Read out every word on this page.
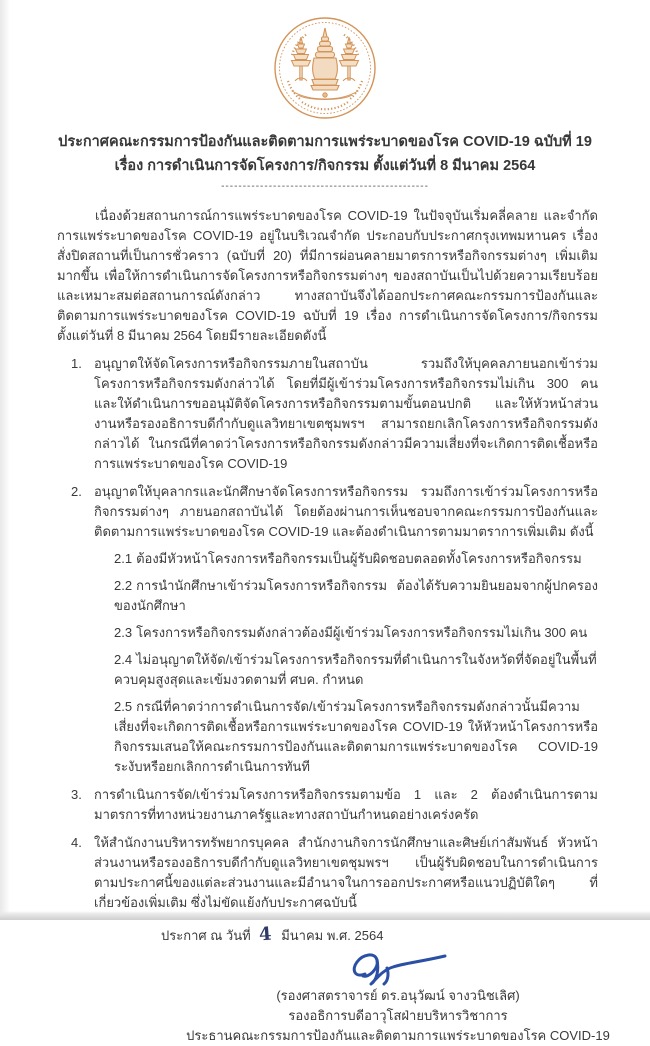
ประกาศคณะกรรมการป้องกันและติดตามการแพร่ระบาดของโรค COVID-19 ฉบับที่ 19
เรื่อง การดำเนินการจัดโครงการ/กิจกรรม ตั้งแต่วันที่ 8 มีนาคม 2564
------------------------------------------------

เนื่องด้วยสถานการณ์การแพร่ระบาดของโรค COVID-19 ในปัจจุบันเริ่มคลี่คลาย และจำกัดการแพร่ระบาดของโรค COVID-19 อยู่ในบริเวณจำกัด ประกอบกับประกาศกรุงเทพมหานคร เรื่อง สั่งปิดสถานที่เป็นการชั่วคราว (ฉบับที่ 20) ที่มีการผ่อนคลายมาตรการหรือกิจกรรมต่างๆ เพิ่มเติมมากขึ้น เพื่อให้การดำเนินการจัดโครงการหรือกิจกรรมต่างๆ ของสถาบันเป็นไปด้วยความเรียบร้อยและเหมาะสมต่อสถานการณ์ดังกล่าว ทางสถาบันจึงได้ออกประกาศคณะกรรมการป้องกันและติดตามการแพร่ระบาดของโรค COVID-19 ฉบับที่ 19 เรื่อง การดำเนินการจัดโครงการ/กิจกรรม ตั้งแต่วันที่ 8 มีนาคม 2564 โดยมีรายละเอียดดังนี้

1. อนุญาตให้จัดโครงการหรือกิจกรรมภายในสถาบัน รวมถึงให้บุคคลภายนอกเข้าร่วมโครงการหรือกิจกรรมดังกล่าวได้ โดยที่มีผู้เข้าร่วมโครงการหรือกิจกรรมไม่เกิน 300 คน และให้ดำเนินการขออนุมัติจัดโครงการหรือกิจกรรมตามขั้นตอนปกติ และให้หัวหน้าส่วนงานหรือรองอธิการบดีกำกับดูแลวิทยาเขตชุมพรฯ สามารถยกเลิกโครงการหรือกิจกรรมดังกล่าวได้ ในกรณีที่คาดว่าโครงการหรือกิจกรรมดังกล่าวมีความเสี่ยงที่จะเกิดการติดเชื้อหรือการแพร่ระบาดของโรค COVID-19
2. อนุญาตให้บุคลากรและนักศึกษาจัดโครงการหรือกิจกรรม รวมถึงการเข้าร่วมโครงการหรือกิจกรรมต่างๆ ภายนอกสถาบันได้ โดยต้องผ่านการเห็นชอบจากคณะกรรมการป้องกันและติดตามการแพร่ระบาดของโรค COVID-19 และต้องดำเนินการตามมาตราการเพิ่มเติม ดังนี้
2.1 ต้องมีหัวหน้าโครงการหรือกิจกรรมเป็นผู้รับผิดชอบตลอดทั้งโครงการหรือกิจกรรม
2.2 การนำนักศึกษาเข้าร่วมโครงการหรือกิจกรรม ต้องได้รับความยินยอมจากผู้ปกครองของนักศึกษา
2.3 โครงการหรือกิจกรรมดังกล่าวต้องมีผู้เข้าร่วมโครงการหรือกิจกรรมไม่เกิน 300 คน
2.4 ไม่อนุญาตให้จัด/เข้าร่วมโครงการหรือกิจกรรมที่ดำเนินการในจังหวัดที่จัดอยู่ในพื้นที่ควบคุมสูงสุดและเข้มงวดตามที่ ศบค. กำหนด
2.5 กรณีที่คาดว่าการดำเนินการจัด/เข้าร่วมโครงการหรือกิจกรรมดังกล่าวนั้นมีความเสี่ยงที่จะเกิดการติดเชื้อหรือการแพร่ระบาดของโรค COVID-19 ให้หัวหน้าโครงการหรือกิจกรรมเสนอให้คณะกรรมการป้องกันและติดตามการแพร่ระบาดของโรค COVID-19 ระงับหรือยกเลิกการดำเนินการทันที
3. การดำเนินการจัด/เข้าร่วมโครงการหรือกิจกรรมตามข้อ 1 และ 2 ต้องดำเนินการตามมาตรการที่ทางหน่วยงานภาครัฐและทางสถาบันกำหนดอย่างเคร่งครัด
4. ให้สำนักงานบริหารทรัพยากรบุคคล สำนักงานกิจการนักศึกษาและศิษย์เก่าสัมพันธ์ หัวหน้าส่วนงานหรือรองอธิการบดีกำกับดูแลวิทยาเขตชุมพรฯ เป็นผู้รับผิดชอบในการดำเนินการตามประกาศนี้ของแต่ละส่วนงานและมีอำนาจในการออกประกาศหรือแนวปฏิบัติใดๆ ที่เกี่ยวข้องเพิ่มเติม ซึ่งไม่ขัดแย้งกับประกาศฉบับนี้
ประกาศ ณ วันที่ 4 มีนาคม พ.ศ. 2564
(รองศาสตราจารย์ ดร.อนุวัฒน์ จางวนิชเลิศ)
รองอธิการบดีอาวุโสฝ่ายบริหารวิชาการ
ประธานคณะกรรมการป้องกันและติดตามการแพร่ระบาดของโรค COVID-19
